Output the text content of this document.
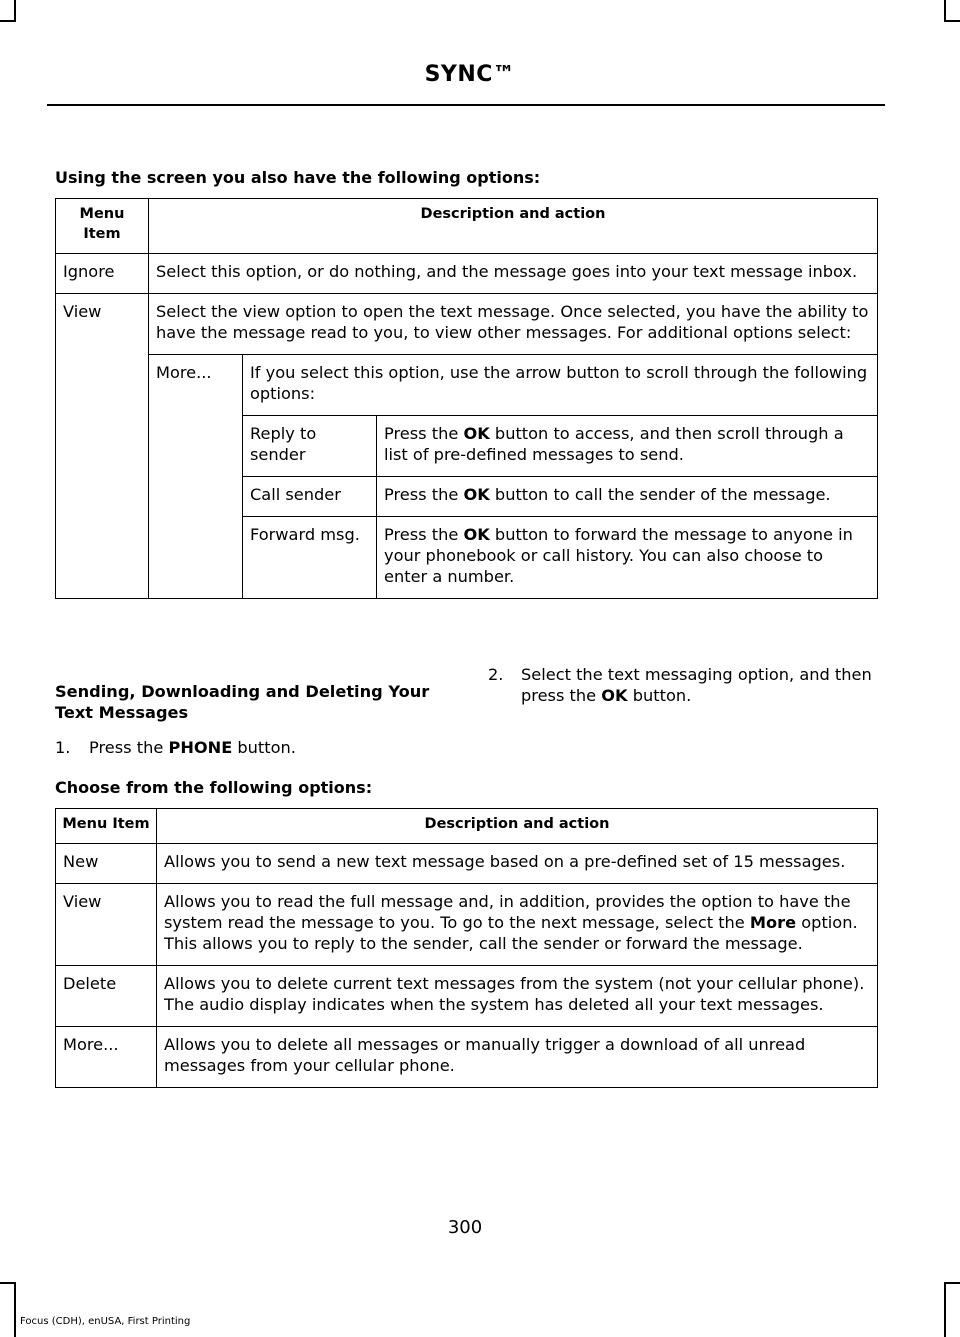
SYNC™
Using the screen you also have the following options:
Menu Item	Description and action		
Ignore	Select this option, or do nothing, and the message goes into your text message inbox.		
View	Select the view option to open the text message. Once selected, you have the ability to have the message read to you, to view other messages. For additional options select:		
	More...	If you select this option, use the arrow button to scroll through the following options:	
		Reply to sender	Press the OK button to access, and then scroll through a list of pre-defined messages to send.
		Call sender	Press the OK button to call the sender of the message.
		Forward msg.	Press the OK button to forward the message to anyone in your phonebook or call history. You can also choose to enter a number.
Sending, Downloading and Deleting Your Text Messages
1.	Press the PHONE button.
2.	Select the text messaging option, and then press the OK button.
Choose from the following options:
Menu Item	Description and action
New	Allows you to send a new text message based on a pre-defined set of 15 messages.
View	Allows you to read the full message and, in addition, provides the option to have the system read the message to you. To go to the next message, select the More option. This allows you to reply to the sender, call the sender or forward the message.
Delete	Allows you to delete current text messages from the system (not your cellular phone). The audio display indicates when the system has deleted all your text messages.
More...	Allows you to delete all messages or manually trigger a download of all unread messages from your cellular phone.
300
Focus (CDH), enUSA, First Printing
